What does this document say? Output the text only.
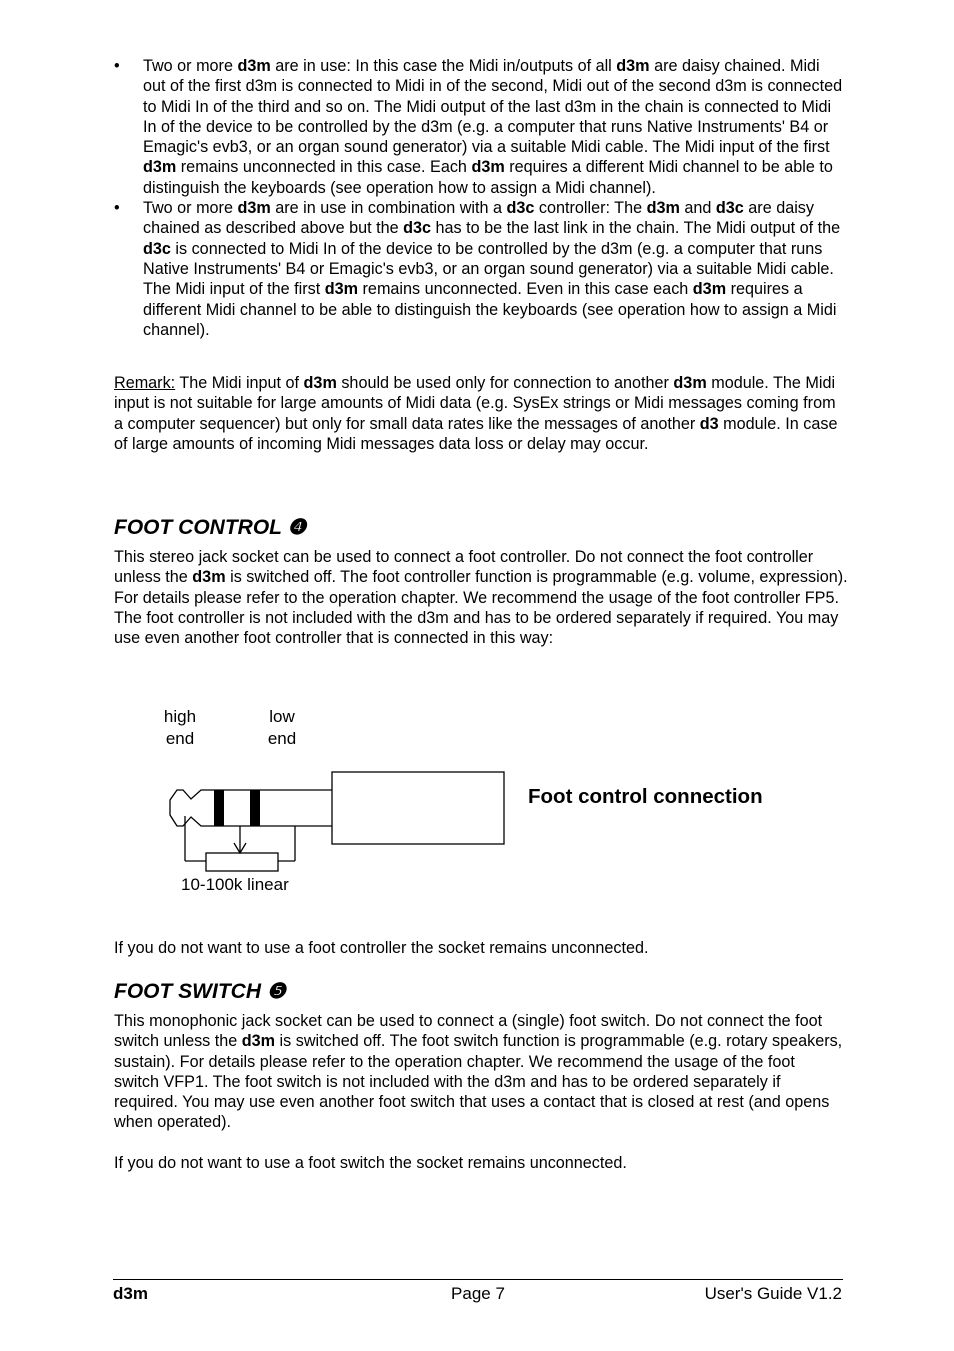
• Two or more d3m are in use: In this case the Midi in/outputs of all d3m are daisy chained. Midi out of the first d3m is connected to Midi in of the second, Midi out of the second d3m is connected to Midi In of the third and so on. The Midi output of the last d3m in the chain is connected to Midi In of the device to be controlled by the d3m (e.g. a computer that runs Native Instruments' B4 or Emagic's evb3, or an organ sound generator) via a suitable Midi cable. The Midi input of the first d3m remains unconnected in this case. Each d3m requires a different Midi channel to be able to distinguish the keyboards (see operation how to assign a Midi channel).
• Two or more d3m are in use in combination with a d3c controller: The d3m and d3c are daisy chained as described above but the d3c has to be the last link in the chain. The Midi output of the d3c is connected to Midi In of the device to be controlled by the d3m (e.g. a computer that runs Native Instruments' B4 or Emagic's evb3, or an organ sound generator) via a suitable Midi cable. The Midi input of the first d3m remains unconnected. Even in this case each d3m requires a different Midi channel to be able to distinguish the keyboards (see operation how to assign a Midi channel).

Remark: The Midi input of d3m should be used only for connection to another d3m module. The Midi input is not suitable for large amounts of Midi data (e.g. SysEx strings or Midi messages coming from a computer sequencer) but only for small data rates like the messages of another d3 module. In case of large amounts of incoming Midi messages data loss or delay may occur.

FOOT CONTROL ❹

This stereo jack socket can be used to connect a foot controller. Do not connect the foot controller unless the d3m is switched off. The foot controller function is programmable (e.g. volume, expression). For details please refer to the operation chapter. We recommend the usage of the foot controller FP5. The foot controller is not included with the d3m and has to be ordered separately if required. You may use even another foot controller that is connected in this way:

high
end
low
end
Foot control connection
10-100k linear

If you do not want to use a foot controller the socket remains unconnected.

FOOT SWITCH ❺

This monophonic jack socket can be used to connect a (single) foot switch. Do not connect the foot switch unless the d3m is switched off. The foot switch function is programmable (e.g. rotary speakers, sustain). For details please refer to the operation chapter. We recommend the usage of the foot switch VFP1. The foot switch is not included with the d3m and has to be ordered separately if required. You may use even another foot switch that uses a contact that is closed at rest (and opens when operated).

If you do not want to use a foot switch the socket remains unconnected.

d3m	Page 7	User's Guide V1.2
